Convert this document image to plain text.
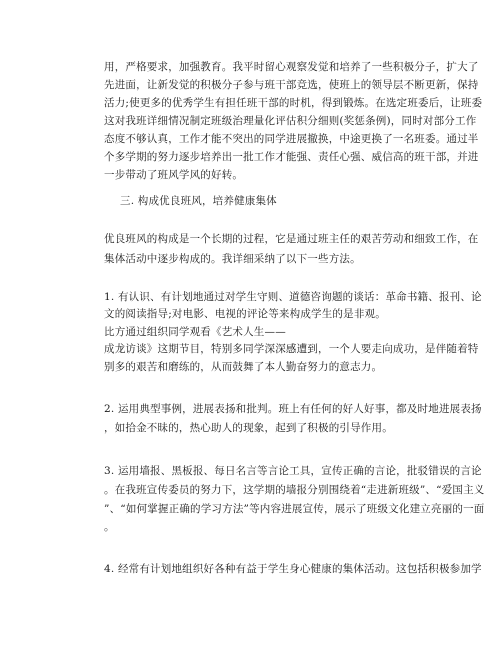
用，严格要求，加强教育。我平时留心观察发觉和培养了一些积极分子，扩大了
先进面，让新发觉的积极分子参与班干部竞选，使班上的领导层不断更新，保持
活力;使更多的优秀学生有担任班干部的时机，得到锻炼。在选定班委后，让班委
这对我班详细情况制定班级治理量化评估积分细则(奖惩条例)，同时对部分工作
态度不够认真，工作才能不突出的同学进展撤换，中途更换了一名班委。通过半
个多学期的努力逐步培养出一批工作才能强、责任心强、威信高的班干部，并进
一步带动了班风学风的好转。
三. 构成优良班风，培养健康集体
优良班风的构成是一个长期的过程，它是通过班主任的艰苦劳动和细致工作，在
集体活动中逐步构成的。我详细采纳了以下一些方法。
1. 有认识、有计划地通过对学生守则、道德咨询题的谈话：革命书籍、报刊、论
文的阅读指导;对电影、电视的评论等来构成学生的是非观。
比方通过组织同学观看《艺术人生——
成龙访谈》这期节目，特别多同学深深感遭到，一个人要走向成功，是伴随着特
别多的艰苦和磨练的，从而鼓舞了本人勤奋努力的意志力。
2. 运用典型事例，进展表扬和批判。班上有任何的好人好事，都及时地进展表扬
，如拾金不昧的，热心助人的现象，起到了积极的引导作用。
3. 运用墙报、黑板报、每日名言等言论工具，宣传正确的言论，批驳错误的言论
。在我班宣传委员的努力下，这学期的墙报分别围绕着“走进新班级”、“爱国主义
”、“如何掌握正确的学习方法”等内容进展宣传，展示了班级文化建立亮丽的一面
。
4. 经常有计划地组织好各种有益于学生身心健康的集体活动。这包括积极参加学
